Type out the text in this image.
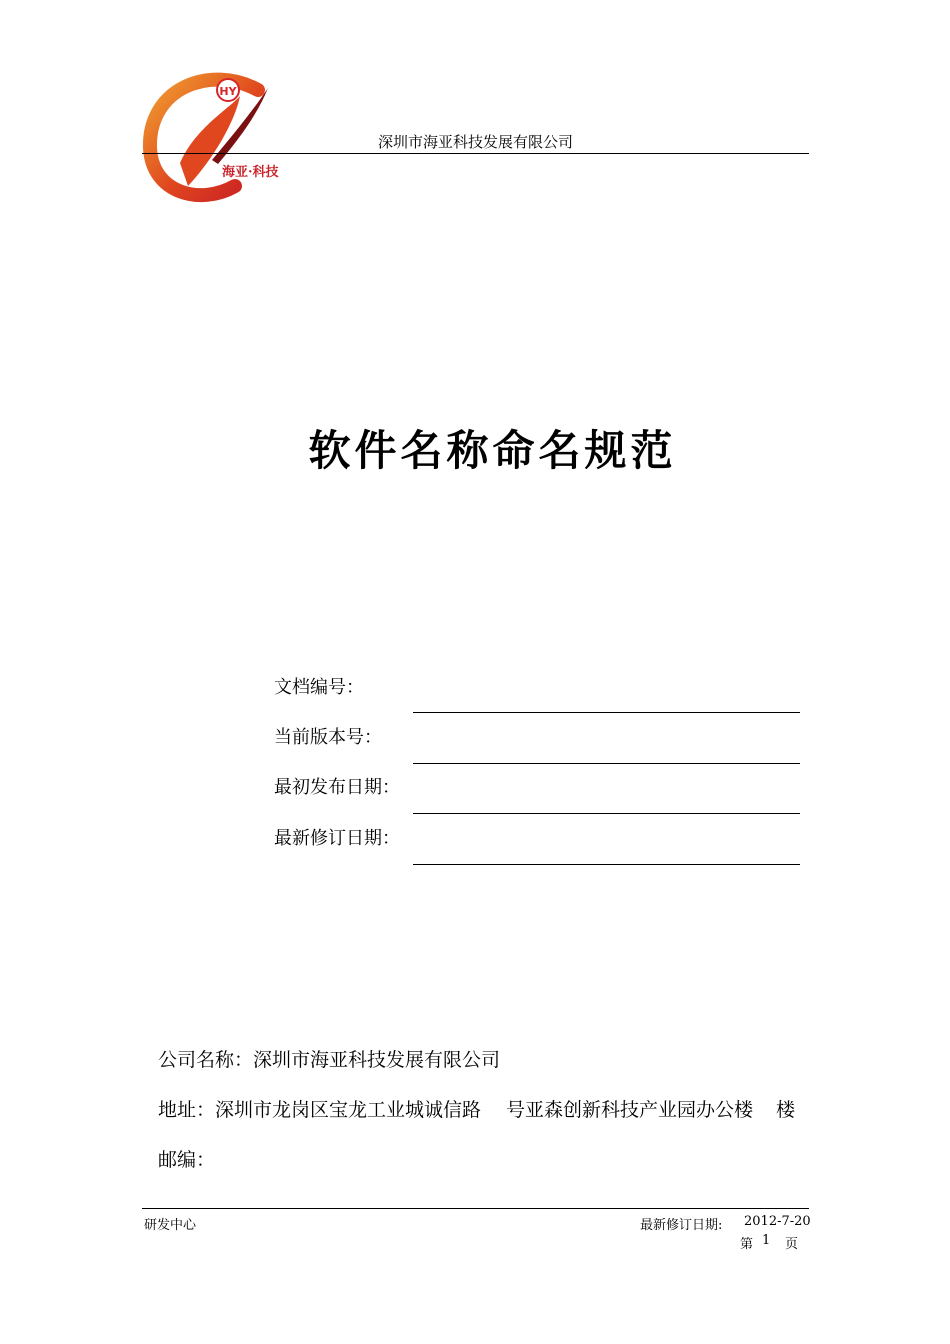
HY
海亚·科技
深圳市海亚科技发展有限公司
软件名称命名规范
文档编号：
当前版本号：
最初发布日期：
最新修订日期：
公司名称：深圳市海亚科技发展有限公司
地址：深圳市龙岗区宝龙工业城诚信路 号亚森创新科技产业园办公楼 楼
邮编：
研发中心	最新修订日期: 2012-7-20
第 1 页
